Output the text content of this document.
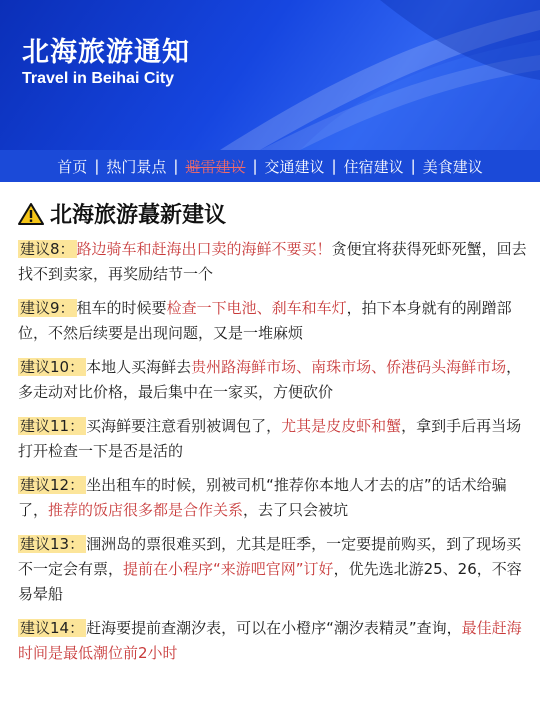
北海旅游通知
Travel in Beihai City
首页 | 热门景点 | 避雷建议 | 交通建议 | 住宿建议 | 美食建议
北海旅游蕞新建议
建议8： 路边骑车和赶海出口卖的海鲜不要买！贪便宜将获得死虾死蟹，回去找不到卖家，再奖励结节一个
建议9： 租车的时候要检查一下电池、刹车和车灯，拍下本身就有的剐蹭部位，不然后续要是出现问题，又是一堆麻烦
建议10： 本地人买海鲜去贵州路海鲜市场、南珠市场、侨港码头海鲜市场，多走动对比价格，最后集中在一家买，方便砍价
建议11： 买海鲜要注意看别被调包了，尤其是皮皮虾和蟹，拿到手后再当场打开检查一下是否是活的
建议12： 坐出租车的时候，别被司机“推荐你本地人才去的店”的话术给骗了，推荐的饭店很多都是合作关系，去了只会被坑
建议13： 涠洲岛的票很难买到，尤其是旺季，一定要提前购买，到了现场买不一定会有票，提前在小程序“来游吧官网”订好，优先选北游25、26，不容易晕船
建议14： 赶海要提前查潮汐表，可以在小橙序“潮汐表精灵”查询，最佳赶海时间是最低潮位前2小时
